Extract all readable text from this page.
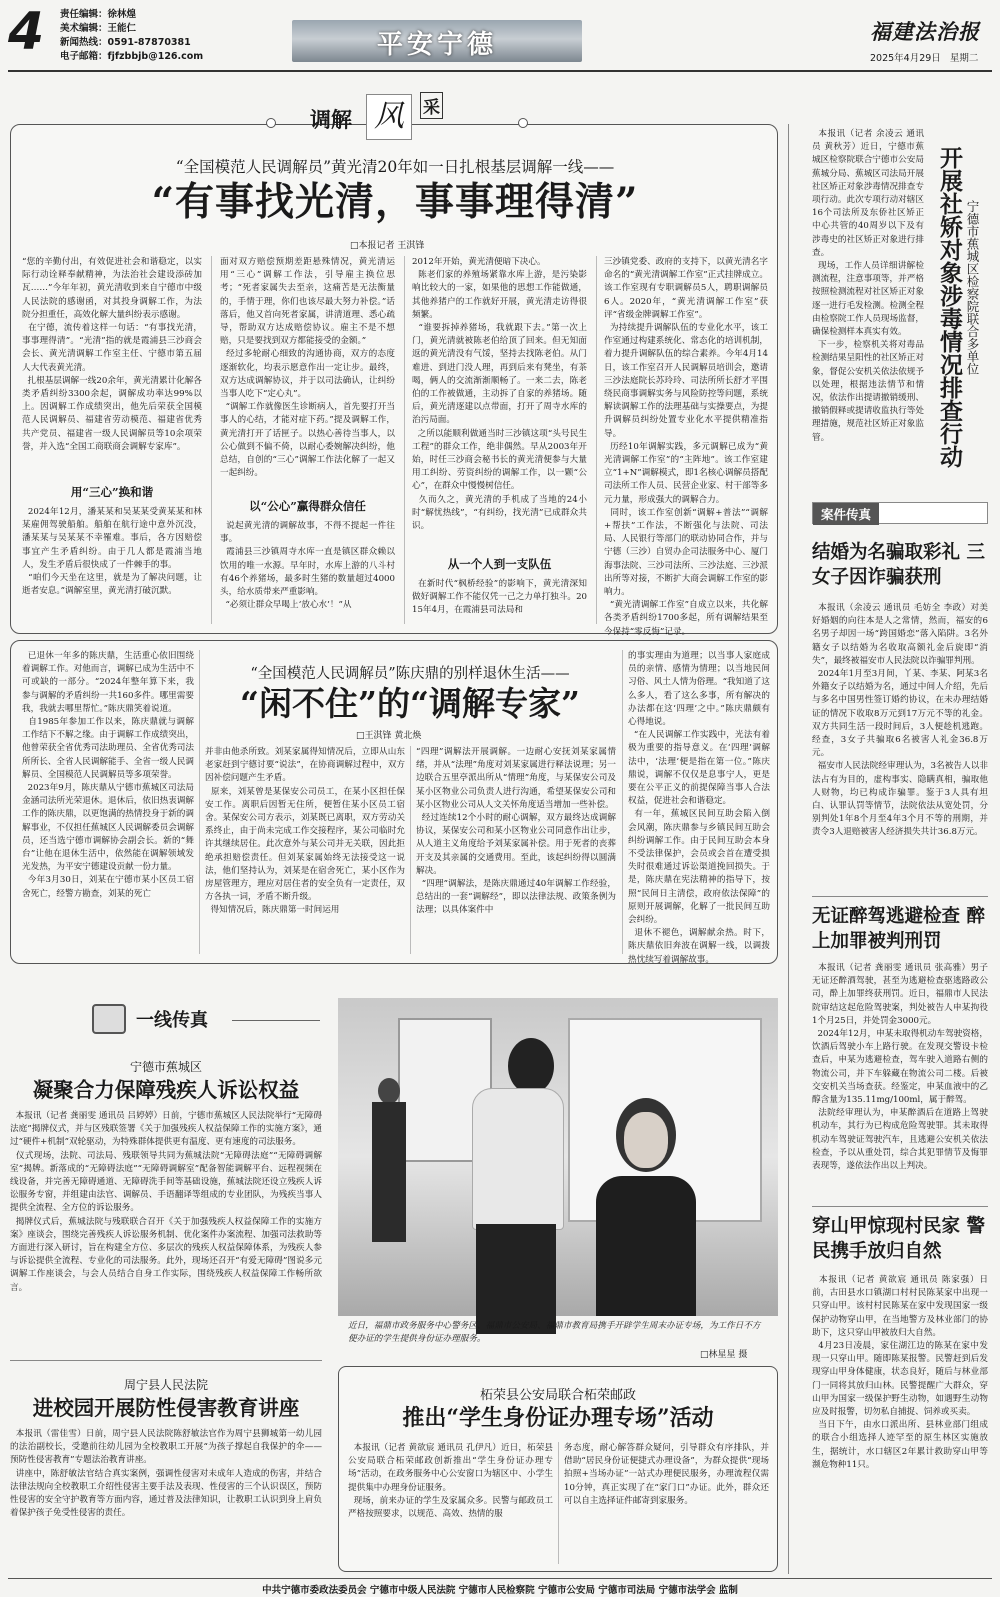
4 责任编辑：徐林煌
美术编辑：王能仁
新闻热线：0591-87870381
电子邮箱：fjfzbbjb@126.com	平安宁德	福建法治报
2025年4月29日 星期二
调解 风	采
“全国模范人民调解员”黄光清20年如一日扎根基层调解一线——
“有事找光清，事事理得清”
□本报记者 王淇锋
“您的辛勤付出，有效促进社会和谐稳定，以实际行动诠释奉献精神，为法治社会建设添砖加瓦……”今年年初，黄光清收到来自宁德市中级人民法院的感谢函，对其投身调解工作，为法院分担重任，高效化解大量纠纷表示感谢。
在宁德，流传着这样一句话：“有事找光清，事事理得清”。“光清”指的就是霞浦县三沙商会会长、黄光清调解工作室主任、宁德市第五届人大代表黄光清。
扎根基层调解一线20余年，黄光清累计化解各类矛盾纠纷3300余起，调解成功率达99%以上。因调解工作成绩突出，他先后荣获全国模范人民调解员、福建省劳动模范、福建省优秀共产党员、福建省一级人民调解员等10余项荣誉，并入选“全国工商联商会调解专家库”。
用“三心”换和谐
2024年12月，潘某某和吴某某受黄某某和林某雇佣驾驶船舶。船舶在航行途中意外沉没，潘某某与吴某某不幸罹难。事后，各方因赔偿事宜产生矛盾纠纷。由于几人都是霞浦当地人，发生矛盾后很快成了一件棘手的事。
“咱们今天坐在这里，就是为了解决问题，让逝者安息。”调解室里，黄光清打破沉默。
面对双方赔偿预期差距悬殊情况，黄光清运用“三心”调解工作法，引导雇主换位思考；“死者家属失去至亲，这痛苦是无法衡量的，手情于理，你们也该尽最大努力补偿。”话落后，他又首向死者家属，讲清道理、悉心疏导，帮助双方达成赔偿协议。雇主不是不想赔，只是要找到双方都能接受的金额。”
经过多轮耐心细致的沟通协商，双方的态度逐渐软化，均表示愿意作出一定让步。最终，双方达成调解协议，并于以司法确认，让纠纷当事人吃下“定心丸”。
“调解工作就像医生诊断病人，首先要打开当事人的心结，才能对症下药。”提及调解工作，黄光清打开了话匣子。以热心善待当事人，以公心做到不偏不倚，以耐心委婉解决纠纷，他总结，自创的“三心”调解工作法化解了一起又一起纠纷。
以“公心”赢得群众信任
说起黄光清的调解故事，不得不提起一件往事。
霞浦县三沙镇周寺水库一直是镇区群众赖以饮用的唯一水源。早年时，水库上游的八斗村有46个养猪场，最多时生猪的数量超过4000头，给水质带来严重影响。
“必须让群众早喝上‘放心水’！”从
2012年开始，黄光清便暗下决心。
陈老们家的养殖场紧靠水库上游，是污染影响比较大的一家，如果他的思想工作能做通，其他养猪户的工作就好开展，黄光清走访得很频繁。
“谁要拆掉养猪场，我就跟下去。”第一次上门，黄光清就被陈老伯给顶了回来。但无知面返的黄光清没有气馁，坚持去找陈老伯。从门难进、到进门没人理，再到后来有凳坐，有茶喝，俩人的交流渐渐顺畅了。一来二去，陈老伯的工作被做通，主动拆了自家的养猪场。随后，黄光清逐建以点带面，打开了周寺水库的治污局面。
之所以能顺利做通当时三沙镇这项“头号民生工程”的群众工作，绝非偶然。早从2003年开始，时任三沙商会秘书长的黄光清便参与大量用工纠纷、劳资纠纷的调解工作，以一颗“公心”，在群众中慢慢树信任。
久而久之，黄光清的手机成了当地的24小时“解忧热线”，“有纠纷，找光清”已成群众共识。
从一个人到一支队伍
在新时代“枫桥经验”的影响下，黄光清深知做好调解工作不能仅凭一己之力单打独斗。2015年4月，在霞浦县司法局和
三沙镇党委、政府的支持下，以黄光清名字命名的“黄光清调解工作室”正式挂牌成立。该工作室现有专职调解员5人，聘职调解员6人。2020年，“黄光清调解工作室”获评“省级金牌调解工作室”。
为持续提升调解队伍的专业化水平，该工作室通过构建系统化、常态化的培训机制，着力提升调解队伍的综合素养。今年4月14日，该工作室召开人民调解员培训会，邀请三沙法庭院长苏玲玲、司法所所长舒才平围绕民商事调解实务与风险防控等问题，系统解读调解工作的法理基础与实操要点，为提升调解员纠纷处置专业化水平提供精准指导。
历经10年调解实践，多元调解已成为“黄光清调解工作室”的“主阵地”。该工作室建立“1+N”调解模式，即1名核心调解员搭配司法所工作人员、民营企业家、村干部等多元力量，形成强大的调解合力。
同时，该工作室创新“调解+普法”“调解+帮扶”工作法，不断强化与法院、司法局、人民银行等部门的联动协同合作，并与宁德（三沙）自贸办企司法服务中心、厦门海事法院、三沙司法所、三沙法庭、三沙派出所等对接，不断扩大商会调解工作室的影响力。
“黄光清调解工作室”自成立以来，共化解各类矛盾纠纷1700多起，所有调解结果至今保持“零反悔”记录。
已退休一年多的陈庆鼎，生活重心依旧围绕着调解工作。对他而言，调解已成为生活中不可或缺的一部分。“2024年整年算下来，我参与调解的矛盾纠纷一共160多件。哪里需要我，我就去哪里帮忙。”陈庆鼎笑着说道。
自1985年参加工作以来，陈庆鼎就与调解工作结下不解之缘。由于调解工作成绩突出，他曾荣获全省优秀司法助理员、全省优秀司法所所长、全省人民调解能手、全省一级人民调解员、全国模范人民调解员等多项荣誉。
2023年9月，陈庆鼎从宁德市蕉城区司法局金涵司法所光荣退休。退休后，依旧热衷调解工作的陈庆鼎，以更饱满的热情投身于新的调解事业，不仅担任蕉城区人民调解委员会调解员，还当选宁德市调解协会副会长。新的“舞台”让他在退休生活中，依然能在调解领域发光发热，为平安宁德建设贡献一份力量。
今年3月30日，刘某在宁德市某小区员工宿舍死亡，经警方勘查，刘某的死亡
“全国模范人民调解员”陈庆鼎的别样退休生活——
“闲不住”的“调解专家”
□王淇锋 黄北焕
并非由他杀所致。刘某家属得知情况后，立即从山东老家赶到宁德讨要“说法”，在协商调解过程中，双方因补偿问题产生矛盾。
原来，刘某曾是某保安公司员工，在某小区担任保安工作。离职后因暂无住所，便暂住某小区员工宿舍。某保安公司方表示，刘某既已离职，双方劳动关系终止，由于尚未完成工作交接程序，某公司临时允许其继续居住。此次意外与某公司并无关联，因此拒绝承担赔偿责任。但刘某家属始终无法接受这一说法，他们坚持认为，刘某是在宿舍死亡，某小区作为房屋管理方，理应对居住者的安全负有一定责任，双方各执一词，矛盾不断升级。
得知情况后，陈庆鼎第一时间运用
“四理”调解法开展调解。一边耐心安抚刘某家属情绪，并从“法理”角度对刘某家属进行释法说理；另一边联合五里亭派出所从“情理”角度，与某保安公司及某小区物业公司负责人进行沟通，希望某保安公司和某小区物业公司从人文关怀角度适当增加一些补偿。
经过连续12个小时的耐心调解，双方最终达成调解协议，某保安公司和某小区物业公司同意作出让步，从人道主义角度给予刘某家属补偿。用于死者的丧葬开支及其亲属的交通费用。至此，该起纠纷得以圆满解决。
“四理”调解法，是陈庆鼎通过40年调解工作经验，总结出的一套“调解经”，即以法律法规、政策条例为法理；以具体案件中
的事实理由为道理；以当事人家庭成员的亲情、感情为情理；以当地民间习俗、风土人情为俗理。“我知道了这么多人，看了这么多事，所有解决的办法都在这‘四理’之中。”陈庆鼎颇有心得地说。
“在人民调解工作实践中，光法有着极为重要的指导意义。在‘四理’调解法中，‘法理’便是指在第一位。”陈庆鼎说，调解不仅仅是息事宁人，更是要在公平正义的前提保障当事人合法权益，促进社会和谐稳定。
有一年，蕉城区民间互助会陷入倒会风潮，陈庆鼎参与乡镇民间互助会纠纷调解工作。由于民间互助会本身不受法律保护，会员或会首在遭受损失时很难通过诉讼渠道挽回损失。于是，陈庆鼎在宪法精神的指导下，按照“民间日主清偿，政府依法保障”的原则开展调解，化解了一批民间互助会纠纷。
退休不褪色，调解献余热。时下，陈庆鼎依旧奔波在调解一线，以调拨热忱续写着调解故事。
本报讯（记者 余凌云 通讯员 黄秋芳）近日，宁德市蕉城区检察院联合宁德市公安局蕉城分局、蕉城区司法局开展社区矫正对象涉毒情况排查专项行动。此次专项行动对辖区16个司法所及东侨社区矫正中心共管的40周岁以下及有涉毒史的社区矫正对象进行排查。
现场，工作人员详细讲解检测流程，注意事项等，并严格按照检测流程对社区矫正对象逐一进行毛发检测。检测全程由检察院工作人员现场监督，确保检测样本真实有效。
下一步，检察机关将对毒品检测结果呈阳性的社区矫正对象，督促公安机关依法依规予以处理，根据违法情节和情况，依法作出提请撤销缓刑、撤销假释或提请收监执行等处理措施，规范社区矫正对象监管。	开展社矫对象涉毒情况排查行动 宁德市蕉城区检察院联合多单位
案件传真
结婚为名骗取彩礼 三女子因诈骗获刑
本报讯（余凌云 通讯员 毛妨全 李政）对美好婚姻的向往本是人之常情，然而，福安的6名男子却因一场“跨国婚恋”落入陷阱。3名外籍女子以结婚为名收取高额礼金后旋即“消失”，最终被福安市人民法院以诈骗罪判刑。
2024年1月至3月间，丫某、李某、阿某3名外籍女子以结婚为名，通过中间人介绍，先后与多名中国男性签订婚约协议，在未办理结婚证的情况下收取8万元到17万元不等的礼金。双方共同生活一段时间后，3人便趁机逃跑。经查，3女子共骗取6名被害人礼金36.8万元。
福安市人民法院经审理认为，3名被告人以非法占有为目的，虚构事实、隐瞒真相，骗取他人财物，均已构成诈骗罪。鉴于3人具有坦白、认罪认罚等情节，法院依法从宽处罚，分别判处1年8个月至4年3个月不等的刑期，并责令3人退赔被害人经济损失共计36.8万元。
无证醉驾逃避检查 醉上加罪被判刑罚
本报讯（记者 龚丽雯 通讯员 张高雅）男子无证还醉酒驾驶，甚至为逃避检查驱逃路政公司，酔上加罪终获刑罚。近日，福鼎市人民法院审结这起危险驾驶案，判处被告人申某拘役1个月25日，并处罚金3000元。
2024年12月，申某未取得机动车驾驶资格，饮酒后驾驶小车上路行驶。在发现交警设卡检查后，申某为逃避检查，驾车驶入道路右侧的物流公司，并下车躲藏在物流公司二楼。后被交安机关当场查获。经鉴定，申某血液中的乙醇含量为135.11mg/100ml，属于醉驾。
法院经审理认为，申某醉酒后在道路上驾驶机动车，其行为已构成危险驾驶罪。其未取得机动车驾驶证驾驶汽车，且逃避公安机关依法检查，予以从重处罚，综合其犯罪情节及悔罪表现等，遂依法作出以上判决。
穿山甲惊现村民家 警民携手放归自然
本报讯（记者 黄欲宸 通讯员 陈家强）日前，古田县水口镇湖口村村民陈某家中出现一只穿山甲。该村村民陈某在家中发现国家一级保护动物穿山甲，在当地警方及林业部门的协助下，这只穿山甲被放归大自然。
4月23日凌晨，家住湖江边的陈某在家中发现一只穿山甲。随即陈某报警。民警赶到后发现穿山甲身体健康，状态良好，随后与林业部门一同将其放归山林。民警提醒广大群众，穿山甲为国家一级保护野生动物，如遇野生动物应及时报警，切勿私自捕捉、饲养或买卖。
当日下午，由水口派出所、县林业部门组成的联合小组选择人迹罕至的原生林区实施放生，据统计，水口辖区2年累计救助穿山甲等濒危物种11只。
一线传真
宁德市蕉城区
凝聚合力保障残疾人诉讼权益
本报讯（记者 龚丽雯 通讯员 吕婷婷）日前，宁德市蕉城区人民法院举行“无障碍法庭”揭牌仪式，并与区残联签署《关于加强残疾人权益保障工作的实施方案》，通过“硬件+机制”双轮驱动，为特殊群体提供更有温度、更有速度的司法服务。
仪式现场，法院、司法局、残联领导共同为蕉城法院“无障碍法庭”“无障碍调解室”揭牌。新落成的“无障碍法庭”“无障碍调解室”配备智能调解平台、远程视频在线设备，并完善无障碍通道、无障碍洗手间等基础设施，蕉城法院还设立残疾人诉讼服务专窗，并组建由法官、调解员、手语翻译等组成的专业团队，为残疾当事人提供全流程、全方位的诉讼服务。
揭牌仪式后，蕉城法院与残联联合召开《关于加强残疾人权益保障工作的实施方案》座谈会，围绕完善残疾人诉讼服务机制、优化案件办案流程、加强司法救助等方面进行深入研讨，旨在构建全方位、多层次的残疾人权益保障体系，为残疾人参与诉讼提供全流程、专业化的司法服务。此外，现场还召开“有爱无障碍”图说多元调解工作座谈会，与会人员结合自身工作实际，围绕残疾人权益保障工作畅所欲言。
周宁县人民法院
进校园开展防性侵害教育讲座
本报讯（雷佳雪）日前，周宁县人民法院陈舒敏法官作为周宁县狮城第一幼儿园的法治副校长，受邀前往幼儿园为全校教职工开展“为孩子撑起自我保护的伞——预防性侵害教育”专题法治教育讲座。
讲座中，陈舒敏法官结合真实案例，强调性侵害对未成年人造成的伤害，并结合法律法规向全校教职工介绍性侵害主要手法及表现、性侵害的三个认识误区，预防性侵害的安全守护教育等方面内容，通过普及法律知识，让教职工认识到身上肩负着保护孩子免受性侵害的责任。
近日，福鼎市政务服务中心警务区、福鼎市公安局、福鼎市教育局携手开辟学生周末办证专场，为工作日不方便办证的学生提供身份证办理服务。
□林星星 摄
柘荣县公安局联合柘荣邮政
推出“学生身份证办理专场”活动
本报讯（记者 黄欲宸 通讯员 孔伊凡）近日，柘荣县公安局联合柘荣邮政创新推出“学生身份证办理专场”活动，在政务服务中心公安窗口为辖区中、小学生提供集中办理身份证服务。
现场，前来办证的学生及家属众多。民警与邮政员工严格按照要求，以规范、高效、热情的服
务态度，耐心解答群众疑问，引导群众有序排队，并借助“居民身份证便捷式办理设备”，为群众提供“现场拍照+当场办证”一站式办理便民服务，办理流程仅需10分钟，真正实现了在“家门口”办证。此外，群众还可以自主选择证件邮寄到家服务。
中共宁德市委政法委员会 宁德市中级人民法院 宁德市人民检察院 宁德市公安局 宁德市司法局 宁德市法学会 监制
